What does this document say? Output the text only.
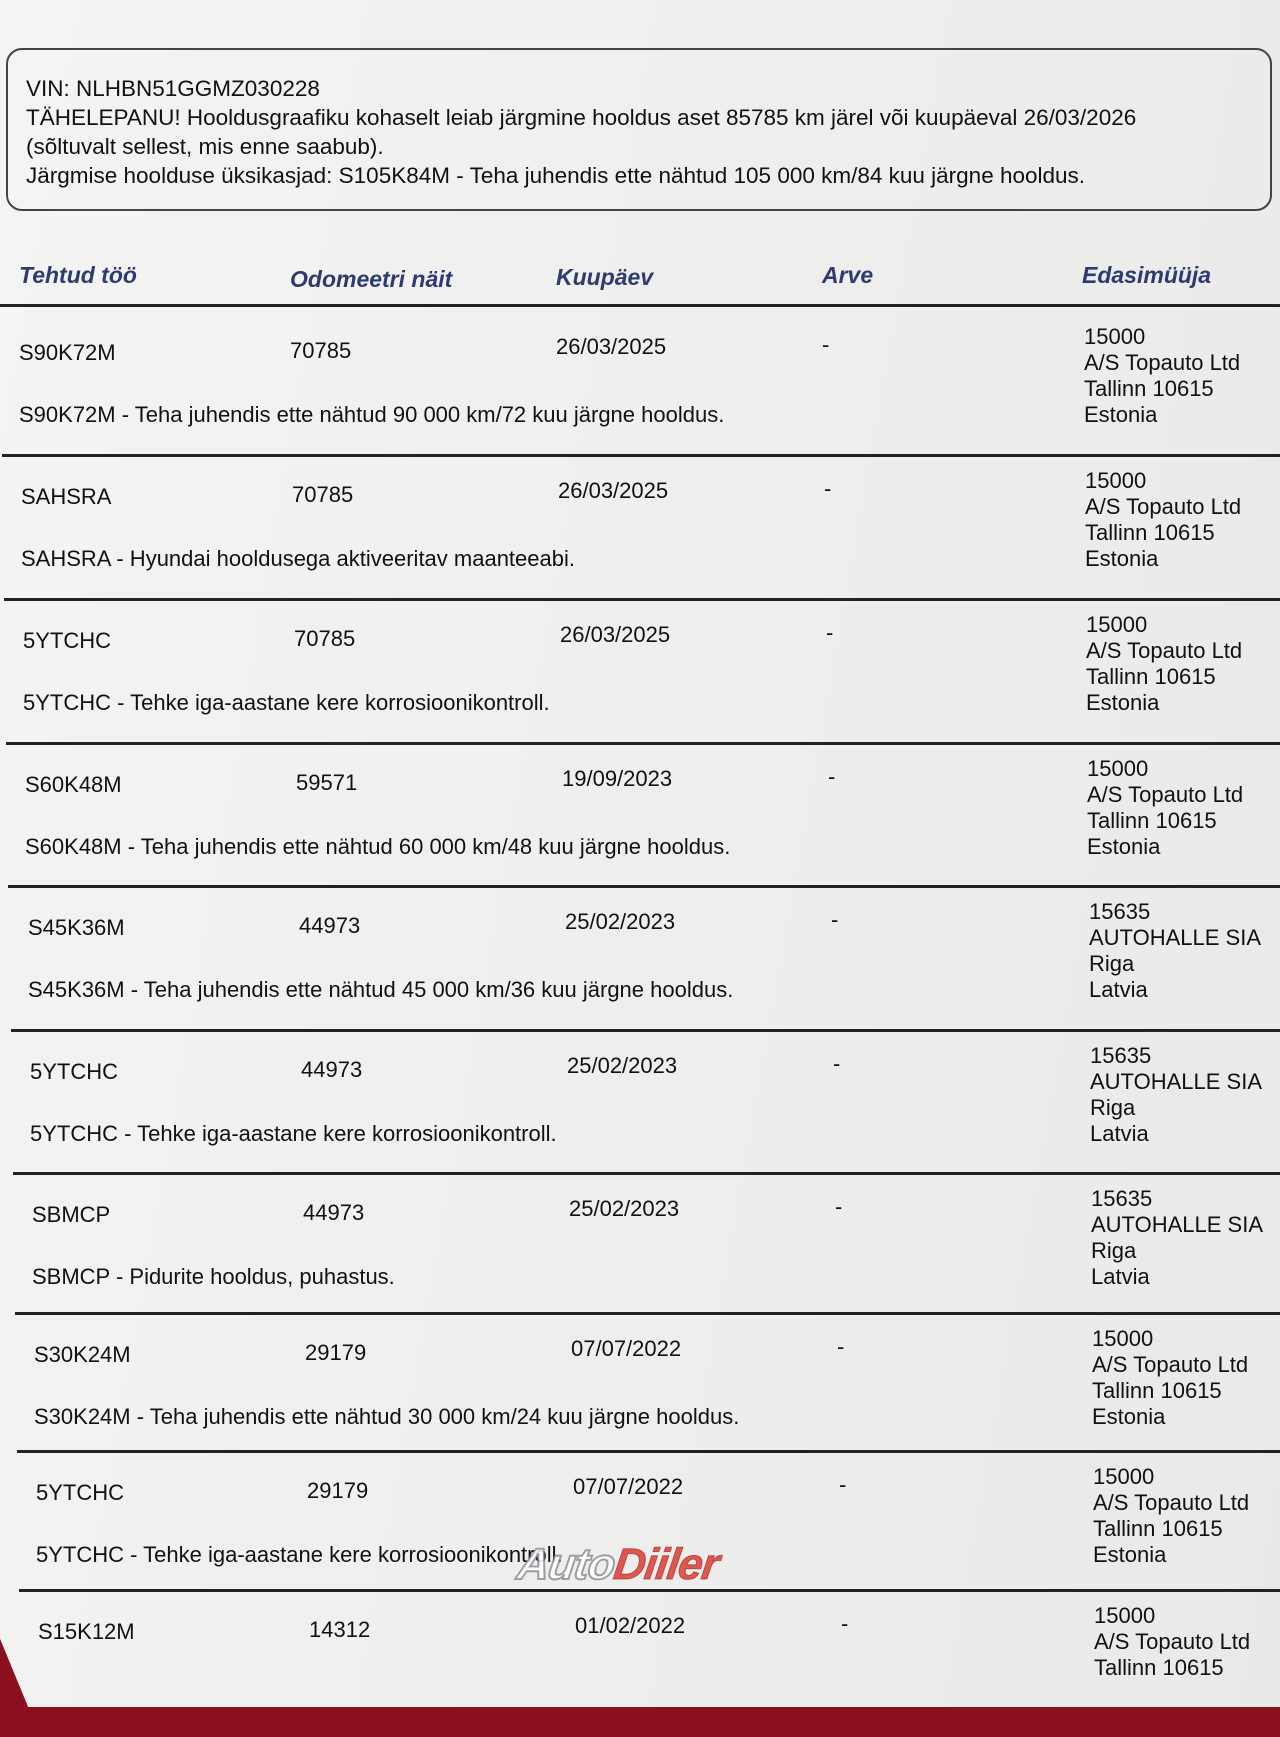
VIN: NLHBN51GGMZ030228
TÄHELEPANU! Hooldusgraafiku kohaselt leiab järgmine hooldus aset 85785 km järel või kuupäeval 26/03/2026
(sõltuvalt sellest, mis enne saabub).
Järgmise hoolduse üksikasjad: S105K84M - Teha juhendis ette nähtud 105 000 km/84 kuu järgne hooldus.
Tehtud töö	Odomeetri näit	Kuupäev	Arve	Edasimüüja
S90K72M	70785	26/03/2025	-	15000
A/S Topauto Ltd
Tallinn 10615
Estonia
S90K72M - Teha juhendis ette nähtud 90 000 km/72 kuu järgne hooldus.
SAHSRA	70785	26/03/2025	-	15000
A/S Topauto Ltd
Tallinn 10615
Estonia
SAHSRA - Hyundai hooldusega aktiveeritav maanteeabi.
5YTCHC	70785	26/03/2025	-	15000
A/S Topauto Ltd
Tallinn 10615
Estonia
5YTCHC - Tehke iga-aastane kere korrosioonikontroll.
S60K48M	59571	19/09/2023	-	15000
A/S Topauto Ltd
Tallinn 10615
Estonia
S60K48M - Teha juhendis ette nähtud 60 000 km/48 kuu järgne hooldus.
S45K36M	44973	25/02/2023	-	15635
AUTOHALLE SIA
Riga
Latvia
S45K36M - Teha juhendis ette nähtud 45 000 km/36 kuu järgne hooldus.
5YTCHC	44973	25/02/2023	-	15635
AUTOHALLE SIA
Riga
Latvia
5YTCHC - Tehke iga-aastane kere korrosioonikontroll.
SBMCP	44973	25/02/2023	-	15635
AUTOHALLE SIA
Riga
Latvia
SBMCP - Pidurite hooldus, puhastus.
S30K24M	29179	07/07/2022	-	15000
A/S Topauto Ltd
Tallinn 10615
Estonia
S30K24M - Teha juhendis ette nähtud 30 000 km/24 kuu järgne hooldus.
5YTCHC	29179	07/07/2022	-	15000
A/S Topauto Ltd
Tallinn 10615
Estonia
5YTCHC - Tehke iga-aastane kere korrosioonikontroll.
S15K12M	14312	01/02/2022	-	15000
A/S Topauto Ltd
Tallinn 10615
AutoDiiler
